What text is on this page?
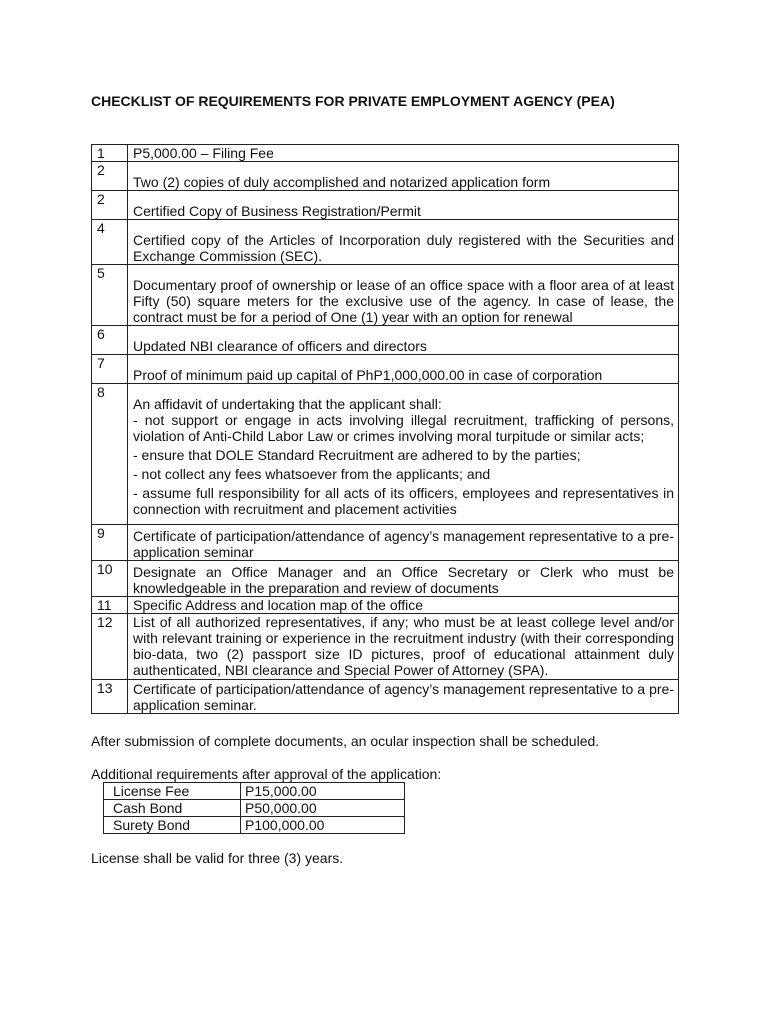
CHECKLIST OF REQUIREMENTS FOR PRIVATE EMPLOYMENT AGENCY (PEA)
1	P5,000.00 – Filing Fee
2	Two (2) copies of duly accomplished and notarized application form

2	Certified Copy of Business Registration/Permit

4	Certified copy of the Articles of Incorporation duly registered with the Securities and Exchange Commission (SEC).

5	Documentary proof of ownership or lease of an office space with a floor area of at least Fifty (50) square meters for the exclusive use of the agency. In case of lease, the contract must be for a period of One (1) year with an option for renewal

6	Updated NBI clearance of officers and directors

7	Proof of minimum paid up capital of PhP1,000,000.00 in case of corporation

8	An affidavit of undertaking that the applicant shall:
- not support or engage in acts involving illegal recruitment, trafficking of persons, violation of Anti-Child Labor Law or crimes involving moral turpitude or similar acts;
- ensure that DOLE Standard Recruitment are adhered to by the parties;
- not collect any fees whatsoever from the applicants; and
- assume full responsibility for all acts of its officers, employees and representatives in connection with recruitment and placement activities

9	Certificate of participation/attendance of agency’s management representative to a pre-application seminar

10	Designate an Office Manager and an Office Secretary or Clerk who must be knowledgeable in the preparation and review of documents

11	Specific Address and location map of the office
12	List of all authorized representatives, if any; who must be at least college level and/or with relevant training or experience in the recruitment industry (with their corresponding bio-data, two (2) passport size ID pictures, proof of educational attainment duly authenticated, NBI clearance and Special Power of Attorney (SPA).

13	Certificate of participation/attendance of agency’s management representative to a pre-application seminar.

After submission of complete documents, an ocular inspection shall be scheduled.

Additional requirements after approval of the application:

License Fee	P15,000.00
Cash Bond	P50,000.00
Surety Bond	P100,000.00

License shall be valid for three (3) years.
